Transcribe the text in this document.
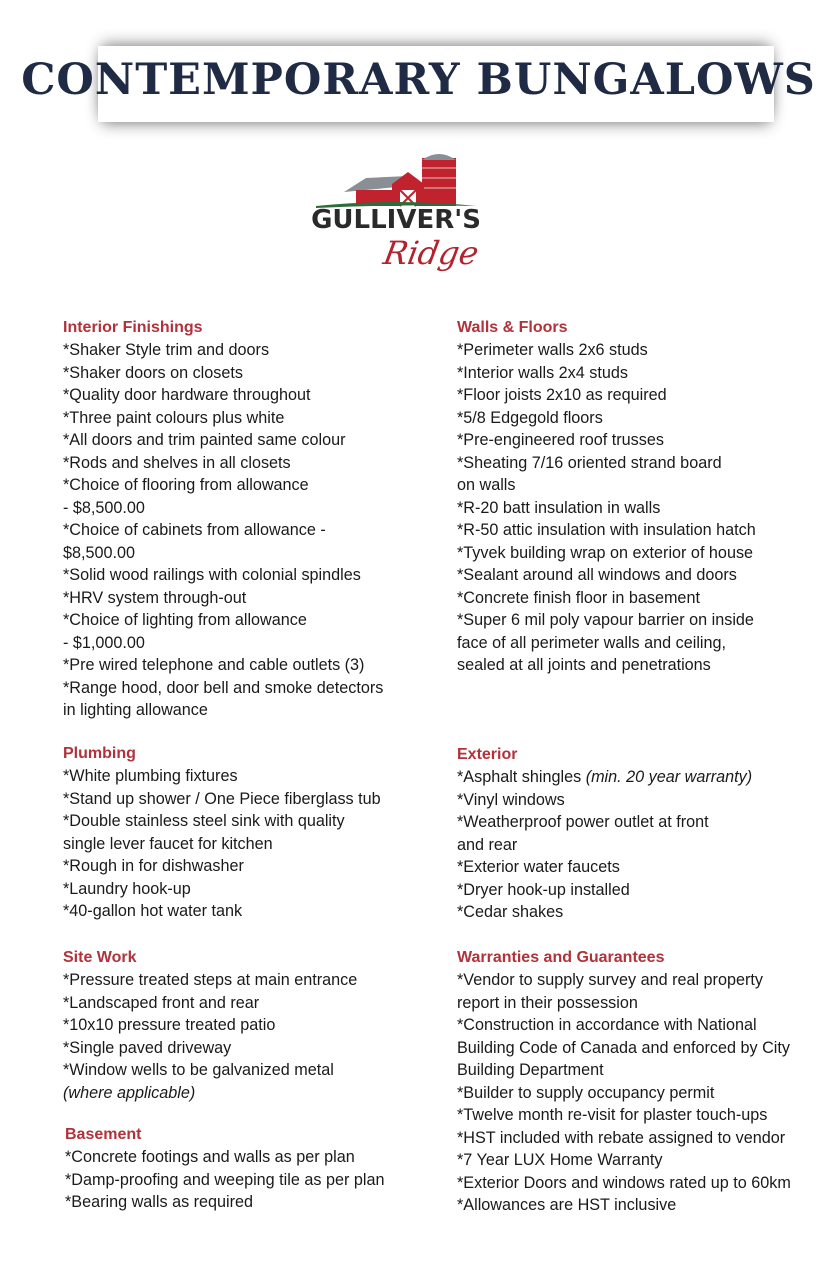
CONTEMPORARY BUNGALOWS
GULLIVER'S
Ridge
Interior Finishings
*Shaker Style trim and doors
*Shaker doors on closets
*Quality door hardware throughout
*Three paint colours plus white
*All doors and trim painted same colour
*Rods and shelves in all closets
*Choice of flooring from allowance
- $8,500.00
*Choice of cabinets from allowance -
$8,500.00
*Solid wood railings with colonial spindles
*HRV system through-out
*Choice of lighting from allowance
- $1,000.00
*Pre wired telephone and cable outlets (3)
*Range hood, door bell and smoke detectors
in lighting allowance
Walls & Floors
*Perimeter walls 2x6 studs
*Interior walls 2x4 studs
*Floor joists 2x10 as required
*5/8 Edgegold floors
*Pre-engineered roof trusses
*Sheating 7/16 oriented strand board
on walls
*R-20 batt insulation in walls
*R-50 attic insulation with insulation hatch
*Tyvek building wrap on exterior of house
*Sealant around all windows and doors
*Concrete finish floor in basement
*Super 6 mil poly vapour barrier on inside
face of all perimeter walls and ceiling,
sealed at all joints and penetrations
Plumbing
*White plumbing fixtures
*Stand up shower / One Piece fiberglass tub
*Double stainless steel sink with quality
single lever faucet for kitchen
*Rough in for dishwasher
*Laundry hook-up
*40-gallon hot water tank
Exterior
*Asphalt shingles (min. 20 year warranty)
*Vinyl windows
*Weatherproof power outlet at front
and rear
*Exterior water faucets
*Dryer hook-up installed
*Cedar shakes
Site Work
*Pressure treated steps at main entrance
*Landscaped front and rear
*10x10 pressure treated patio
*Single paved driveway
*Window wells to be galvanized metal
(where applicable)
Warranties and Guarantees
*Vendor to supply survey and real property
report in their possession
*Construction in accordance with National
Building Code of Canada and enforced by City
Building Department
*Builder to supply occupancy permit
*Twelve month re-visit for plaster touch-ups
*HST included with rebate assigned to vendor
*7 Year LUX Home Warranty
*Exterior Doors and windows rated up to 60km
*Allowances are HST inclusive
Basement
*Concrete footings and walls as per plan
*Damp-proofing and weeping tile as per plan
*Bearing walls as required
